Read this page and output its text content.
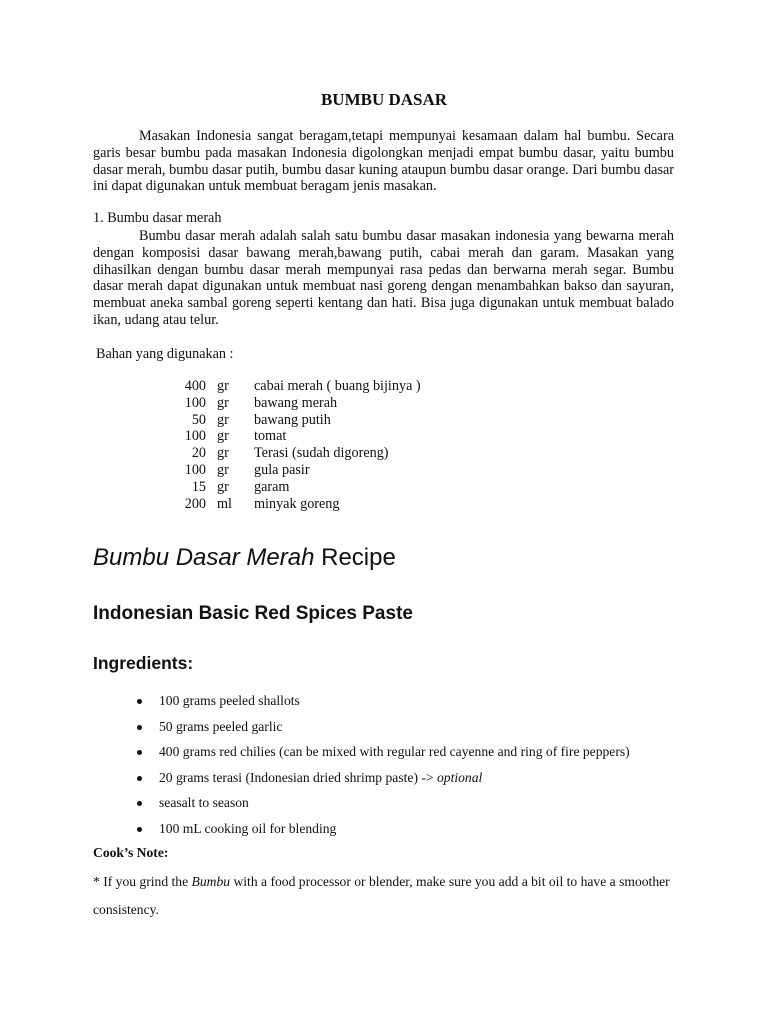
BUMBU DASAR
Masakan Indonesia sangat beragam,tetapi mempunyai kesamaan dalam hal bumbu. Secara garis besar bumbu pada masakan Indonesia digolongkan menjadi empat bumbu dasar, yaitu bumbu dasar merah, bumbu dasar putih, bumbu dasar kuning ataupun bumbu dasar orange. Dari bumbu dasar ini dapat digunakan untuk membuat beragam jenis masakan.
1. Bumbu dasar merah
Bumbu dasar merah adalah salah satu bumbu dasar masakan indonesia yang bewarna merah dengan komposisi dasar bawang merah,bawang putih, cabai merah dan garam. Masakan yang dihasilkan dengan bumbu dasar merah mempunyai rasa pedas dan berwarna merah segar. Bumbu dasar merah dapat digunakan untuk membuat nasi goreng dengan menambahkan bakso dan sayuran, membuat aneka sambal goreng seperti kentang dan hati. Bisa juga digunakan untuk membuat balado ikan, udang atau telur.
Bahan yang digunakan :
400	gr	cabai merah ( buang bijinya )
100	gr	bawang merah
50	gr	bawang putih
100	gr	tomat
20	gr	Terasi (sudah digoreng)
100	gr	gula pasir
15	gr	garam
200	ml	minyak goreng
Bumbu Dasar Merah Recipe
Indonesian Basic Red Spices Paste
Ingredients:
100 grams peeled shallots
50 grams peeled garlic
400 grams red chilies (can be mixed with regular red cayenne and ring of fire peppers)
20 grams terasi (Indonesian dried shrimp paste) -> optional
seasalt to season
100 mL cooking oil for blending
Cook’s Note:
* If you grind the Bumbu with a food processor or blender, make sure you add a bit oil to have a smoother consistency.
